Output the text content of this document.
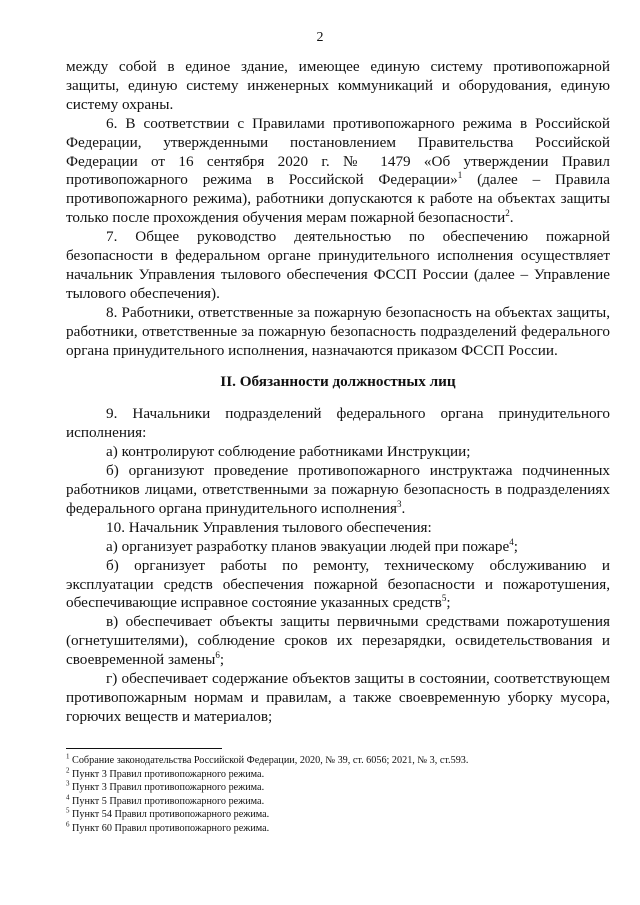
2

между собой в единое здание, имеющее единую систему противопожарной защиты, единую систему инженерных коммуникаций и оборудования, единую систему охраны.

6. В соответствии с Правилами противопожарного режима в Российской Федерации, утвержденными постановлением Правительства Российской Федерации от 16 сентября 2020 г. № 1479 «Об утверждении Правил противопожарного режима в Российской Федерации»$^1$ (далее – Правила противопожарного режима), работники допускаются к работе на объектах защиты только после прохождения обучения мерам пожарной безопасности$^2$.

7. Общее руководство деятельностью по обеспечению пожарной безопасности в федеральном органе принудительного исполнения осуществляет начальник Управления тылового обеспечения ФССП России (далее – Управление тылового обеспечения).

8. Работники, ответственные за пожарную безопасность на объектах защиты, работники, ответственные за пожарную безопасность подразделений федерального органа принудительного исполнения, назначаются приказом ФССП России.

II. Обязанности должностных лиц

9. Начальники подразделений федерального органа принудительного исполнения:

а) контролируют соблюдение работниками Инструкции;

б) организуют проведение противопожарного инструктажа подчиненных работников лицами, ответственными за пожарную безопасность в подразделениях федерального органа принудительного исполнения$^3$.

10. Начальник Управления тылового обеспечения:

а) организует разработку планов эвакуации людей при пожаре$^4$;

б) организует работы по ремонту, техническому обслуживанию и эксплуатации средств обеспечения пожарной безопасности и пожаротушения, обеспечивающие исправное состояние указанных средств$^5$;

в) обеспечивает объекты защиты первичными средствами пожаротушения (огнетушителями), соблюдение сроков их перезарядки, освидетельствования и своевременной замены$^6$;

г) обеспечивает содержание объектов защиты в состоянии, соответствующем противопожарным нормам и правилам, а также своевременную уборку мусора, горючих веществ и материалов;

$^1$ Собрание законодательства Российской Федерации, 2020, № 39, ст. 6056; 2021, № 3, ст.593.

$^2$ Пункт 3 Правил противопожарного режима.

$^3$ Пункт 3 Правил противопожарного режима.

$^4$ Пункт 5 Правил противопожарного режима.

$^5$ Пункт 54 Правил противопожарного режима.

$^6$ Пункт 60 Правил противопожарного режима.
